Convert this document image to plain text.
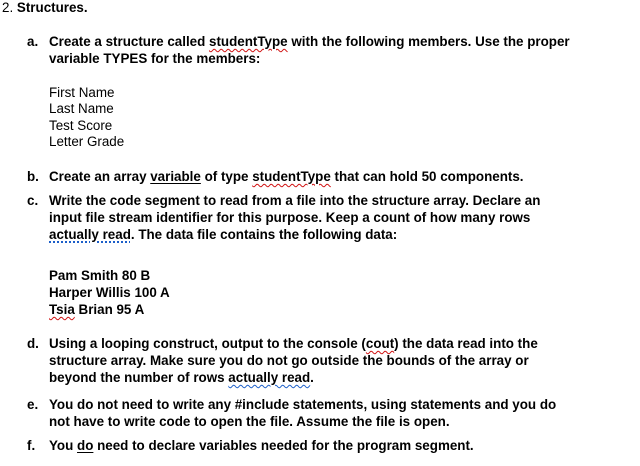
2. Structures.
a. Create a structure called studentType with the following members. Use the proper
variable TYPES for the members:
First Name
Last Name
Test Score
Letter Grade
b. Create an array variable of type studentType that can hold 50 components.
c. Write the code segment to read from a file into the structure array. Declare an
input file stream identifier for this purpose. Keep a count of how many rows
actually read. The data file contains the following data:
Pam Smith 80 B
Harper Willis 100 A
Tsia Brian 95 A
d. Using a looping construct, output to the console (cout) the data read into the
structure array. Make sure you do not go outside the bounds of the array or
beyond the number of rows actually read.
e. You do not need to write any #include statements, using statements and you do
not have to write code to open the file. Assume the file is open.
f. You do need to declare variables needed for the program segment.
